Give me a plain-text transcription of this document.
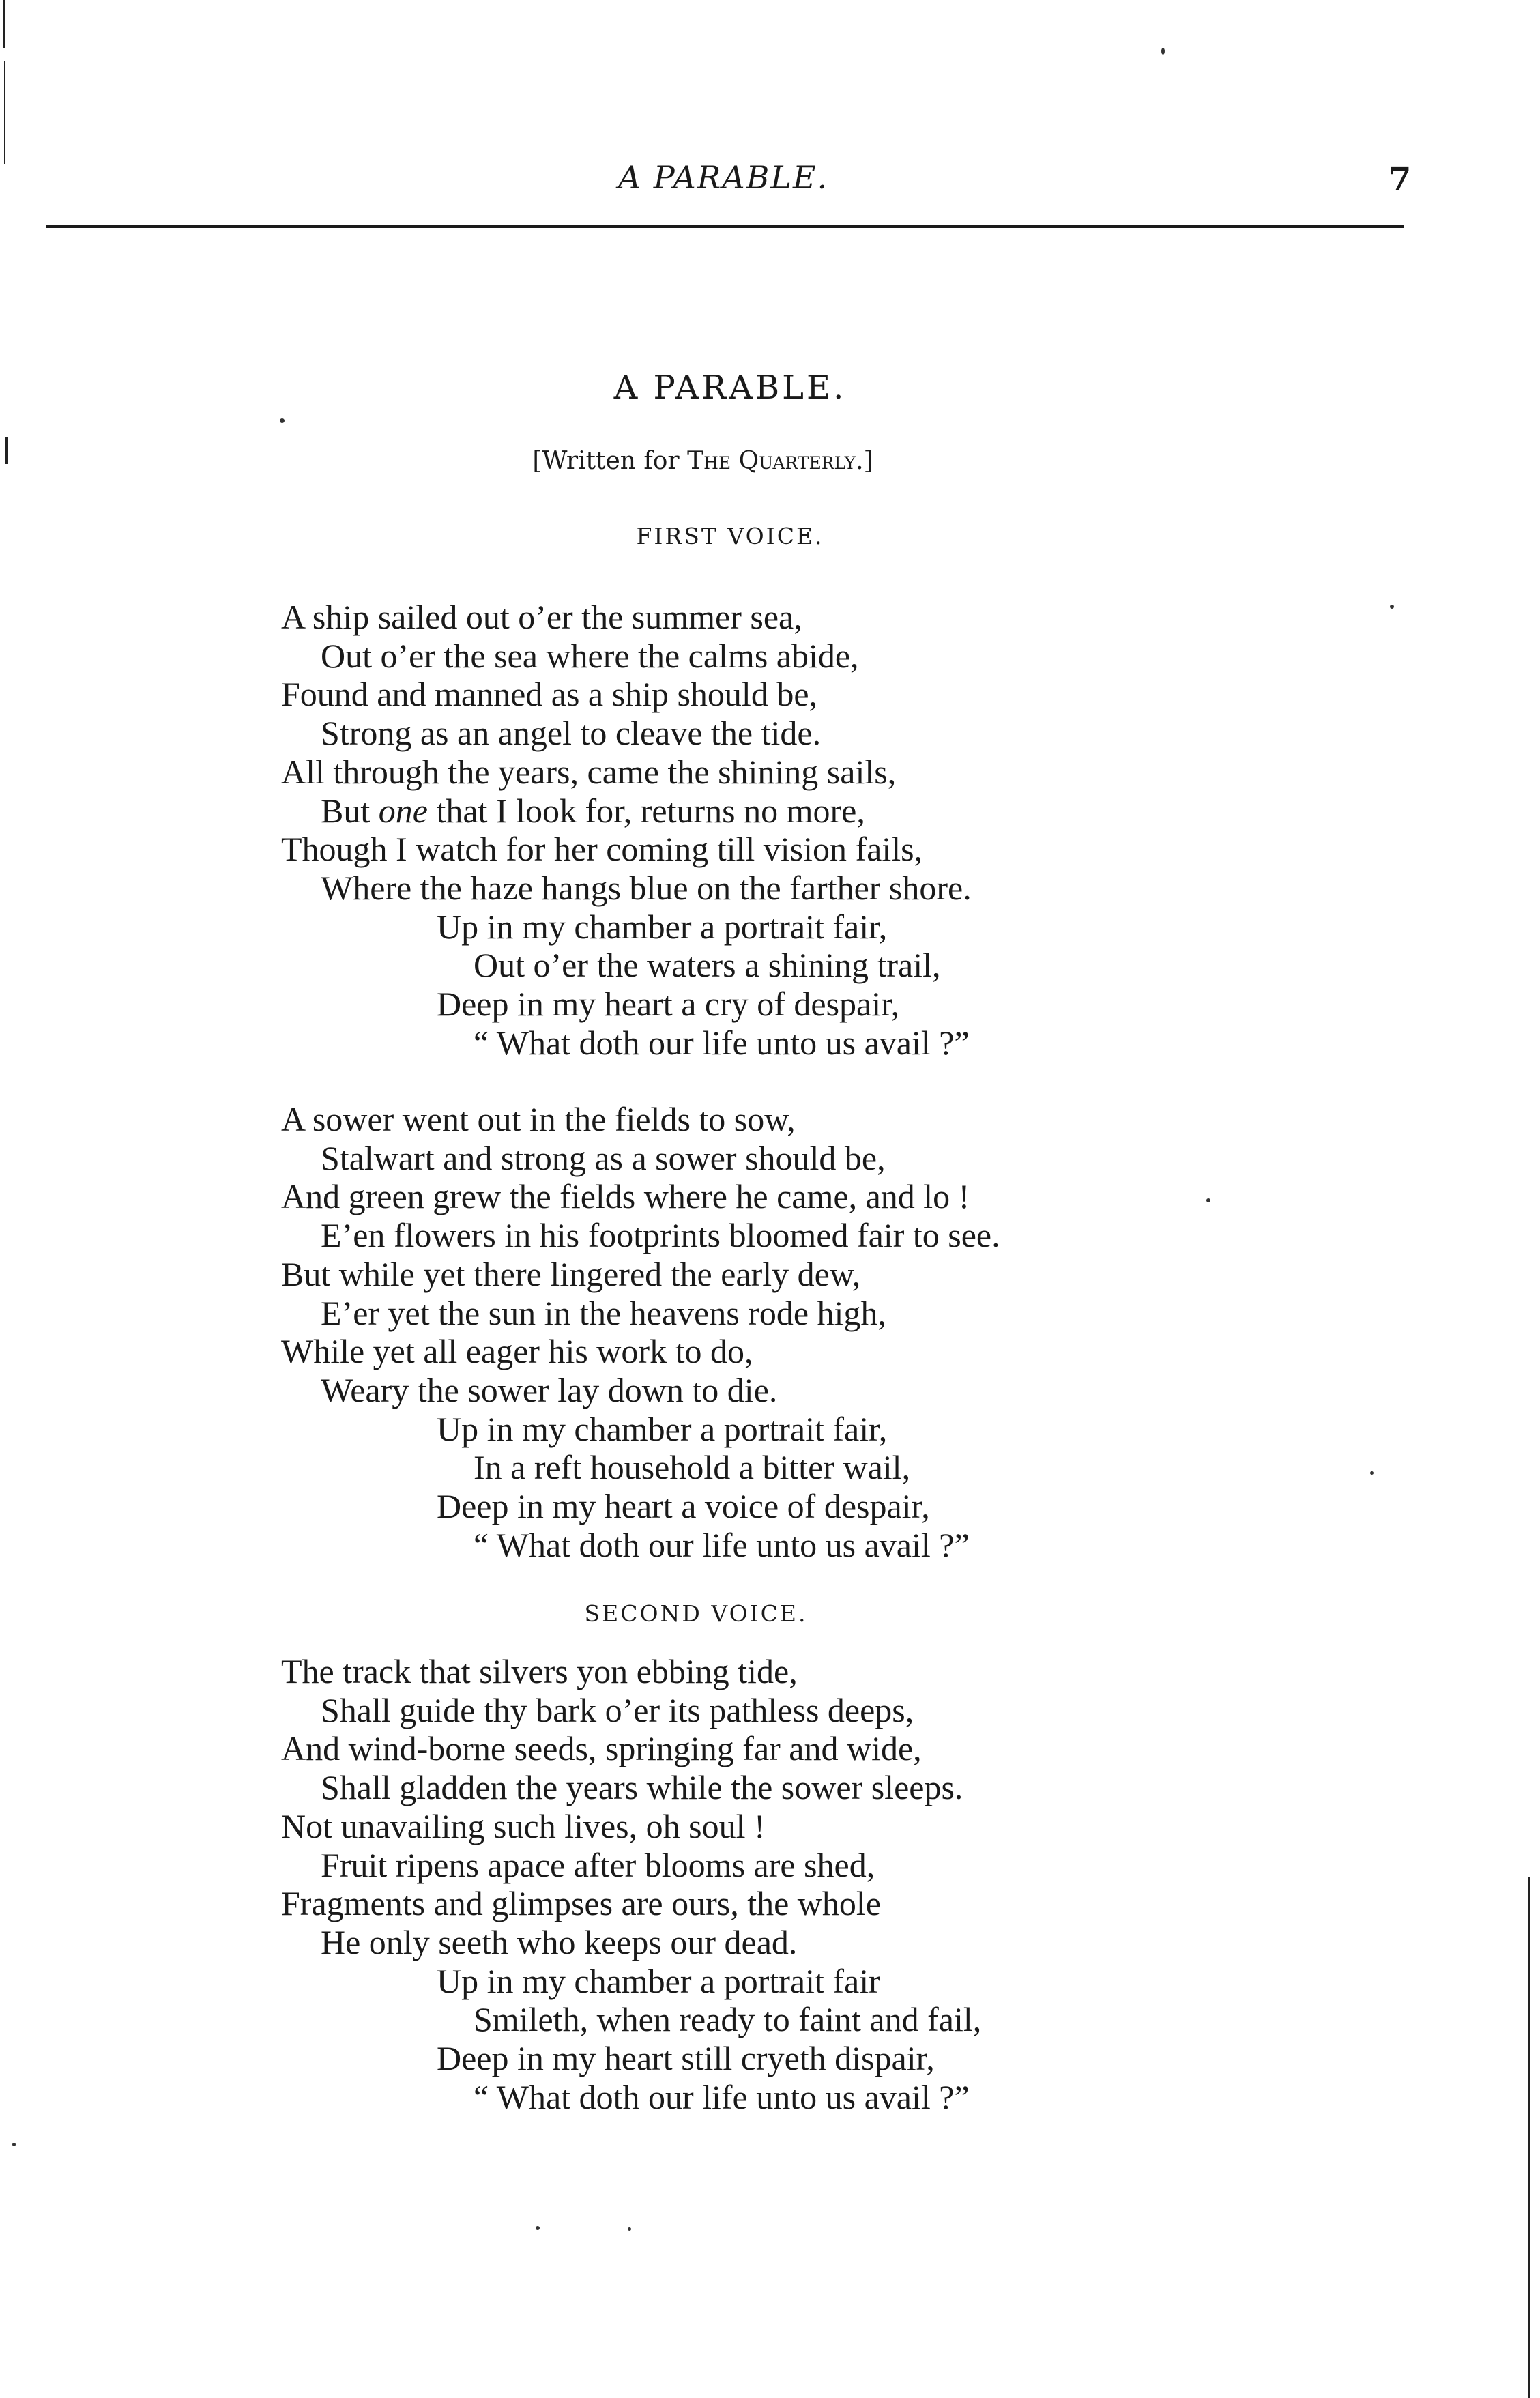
A PARABLE.	7
A PARABLE.
[Written for The Quarterly.]
FIRST VOICE.
A ship sailed out o’er the summer sea,
Out o’er the sea where the calms abide,
Found and manned as a ship should be,
Strong as an angel to cleave the tide.
All through the years, came the shining sails,
But one that I look for, returns no more,
Though I watch for her coming till vision fails,
Where the haze hangs blue on the farther shore.
Up in my chamber a portrait fair,
Out o’er the waters a shining trail,
Deep in my heart a cry of despair,
“ What doth our life unto us avail ?”
A sower went out in the fields to sow,
Stalwart and strong as a sower should be,
And green grew the fields where he came, and lo !
E’en flowers in his footprints bloomed fair to see.
But while yet there lingered the early dew,
E’er yet the sun in the heavens rode high,
While yet all eager his work to do,
Weary the sower lay down to die.
Up in my chamber a portrait fair,
In a reft household a bitter wail,
Deep in my heart a voice of despair,
“ What doth our life unto us avail ?”
SECOND VOICE.
The track that silvers yon ebbing tide,
Shall guide thy bark o’er its pathless deeps,
And wind-borne seeds, springing far and wide,
Shall gladden the years while the sower sleeps.
Not unavailing such lives, oh soul !
Fruit ripens apace after blooms are shed,
Fragments and glimpses are ours, the whole
He only seeth who keeps our dead.
Up in my chamber a portrait fair
Smileth, when ready to faint and fail,
Deep in my heart still cryeth dispair,
“ What doth our life unto us avail ?”
